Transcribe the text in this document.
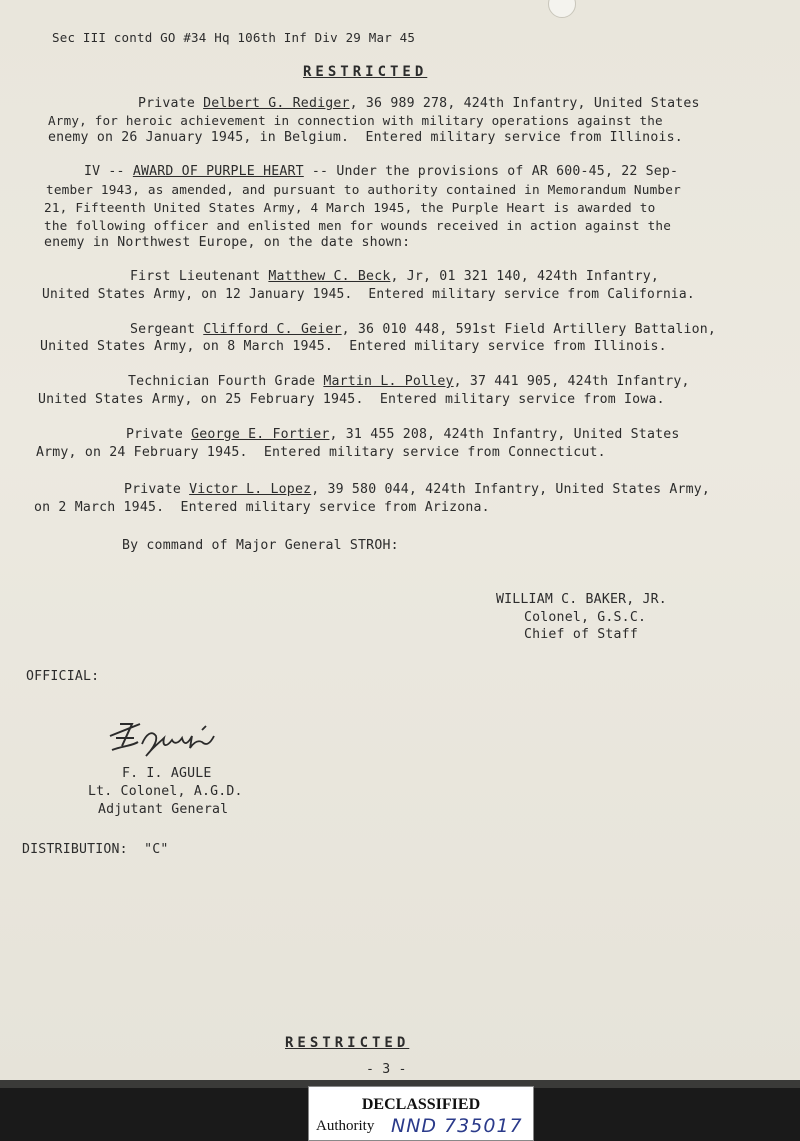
Sec III contd GO #34 Hq 106th Inf Div 29 Mar 45
RESTRICTED
Private Delbert G. Rediger, 36 989 278, 424th Infantry, United States
Army, for heroic achievement in connection with military operations against the
enemy on 26 January 1945, in Belgium.  Entered military service from Illinois.
IV -- AWARD OF PURPLE HEART -- Under the provisions of AR 600-45, 22 Sep-
tember 1943, as amended, and pursuant to authority contained in Memorandum Number
21, Fifteenth United States Army, 4 March 1945, the Purple Heart is awarded to
the following officer and enlisted men for wounds received in action against the
enemy in Northwest Europe, on the date shown:
First Lieutenant Matthew C. Beck, Jr, 01 321 140, 424th Infantry,
United States Army, on 12 January 1945.  Entered military service from California.
Sergeant Clifford C. Geier, 36 010 448, 591st Field Artillery Battalion,
United States Army, on 8 March 1945.  Entered military service from Illinois.
Technician Fourth Grade Martin L. Polley, 37 441 905, 424th Infantry,
United States Army, on 25 February 1945.  Entered military service from Iowa.
Private George E. Fortier, 31 455 208, 424th Infantry, United States
Army, on 24 February 1945.  Entered military service from Connecticut.
Private Victor L. Lopez, 39 580 044, 424th Infantry, United States Army,
on 2 March 1945.  Entered military service from Arizona.
By command of Major General STROH:
WILLIAM C. BAKER, JR.
Colonel, G.S.C.
Chief of Staff
OFFICIAL:
F. I. AGULE
Lt. Colonel, A.G.D.
Adjutant General
DISTRIBUTION:  "C"
RESTRICTED
- 3 -
DECLASSIFIED
Authority NND 735017
